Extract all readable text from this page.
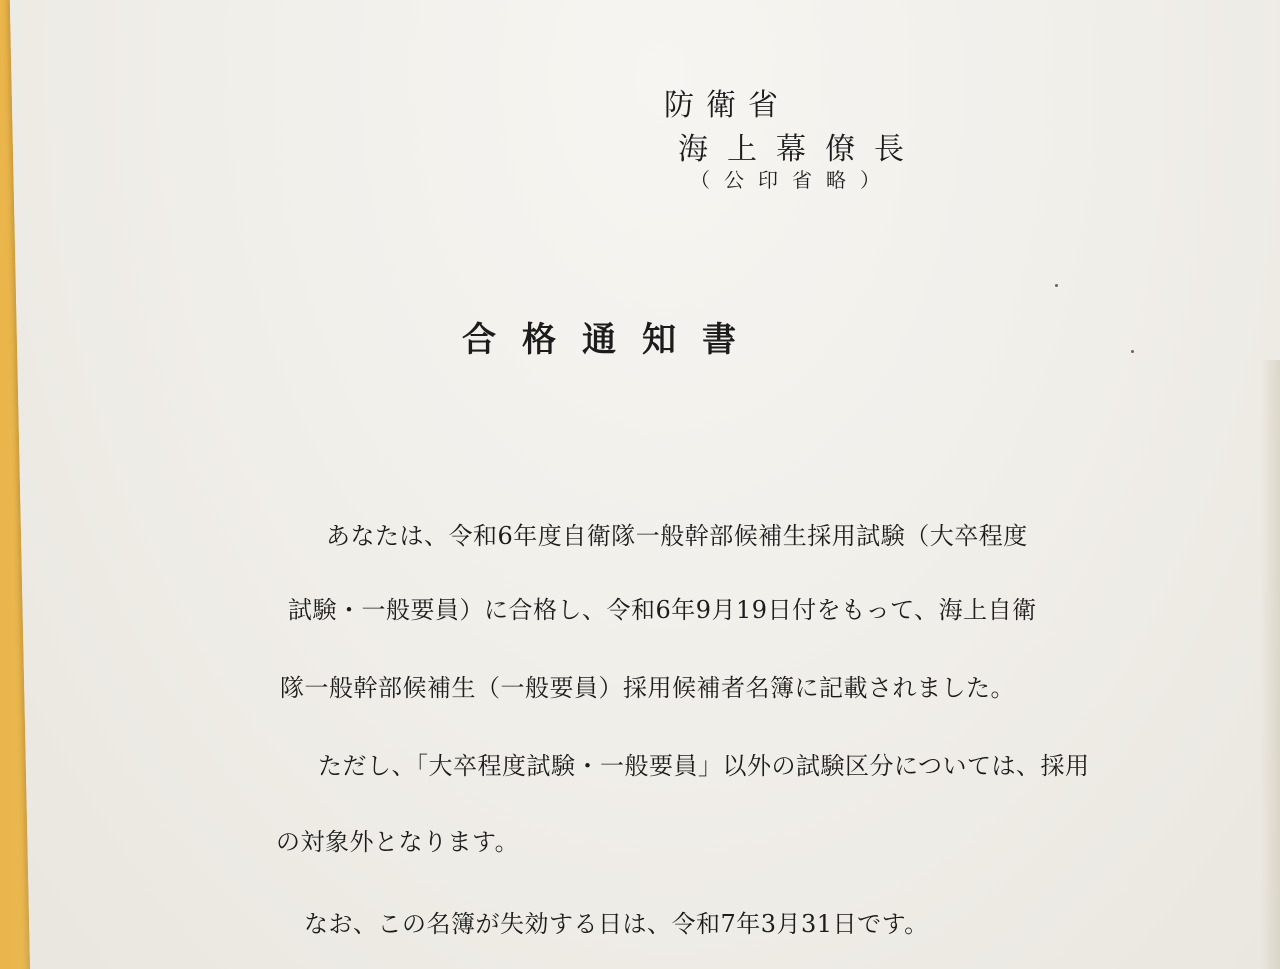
防衛省

海上幕僚長

（公印省略）

合格通知書

あなたは、令和6年度自衛隊一般幹部候補生採用試験（大卒程度

試験・一般要員）に合格し、令和6年9月19日付をもって、海上自衛

隊一般幹部候補生（一般要員）採用候補者名簿に記載されました。

ただし、「大卒程度試験・一般要員」以外の試験区分については、採用

の対象外となります。

なお、この名簿が失効する日は、令和7年3月31日です。
